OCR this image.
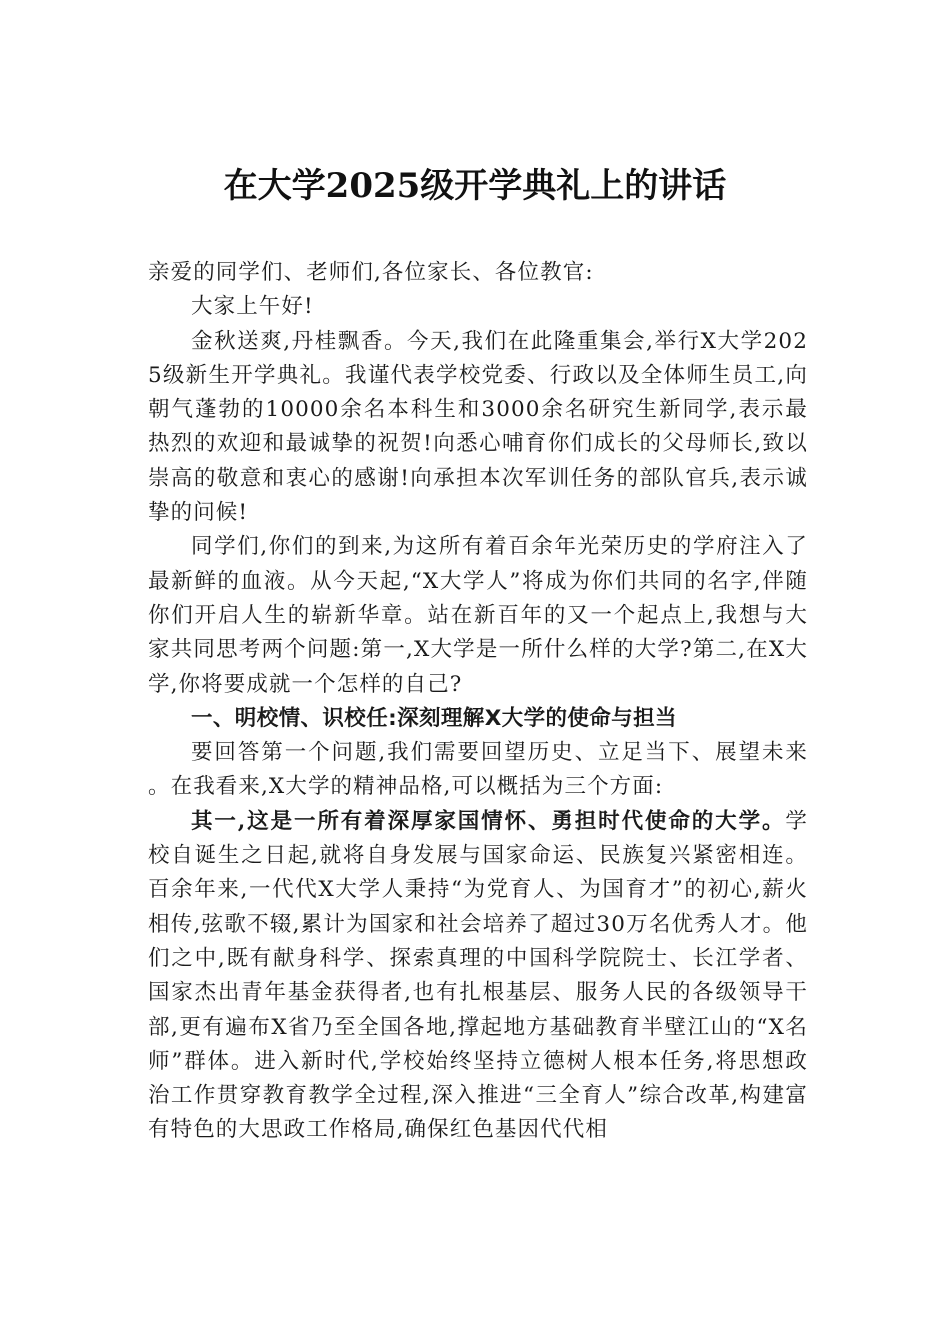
在大学2025级开学典礼上的讲话

亲爱的同学们、老师们,各位家长、各位教官:

大家上午好!

金秋送爽,丹桂飘香。今天,我们在此隆重集会,举行X大学2025级新生开学典礼。我谨代表学校党委、行政以及全体师生员工,向朝气蓬勃的10000余名本科生和3000余名研究生新同学,表示最热烈的欢迎和最诚挚的祝贺!向悉心哺育你们成长的父母师长,致以崇高的敬意和衷心的感谢!向承担本次军训任务的部队官兵,表示诚挚的问候!

同学们,你们的到来,为这所有着百余年光荣历史的学府注入了最新鲜的血液。从今天起,“X大学人”将成为你们共同的名字,伴随你们开启人生的崭新华章。站在新百年的又一个起点上,我想与大家共同思考两个问题:第一,X大学是一所什么样的大学?第二,在X大学,你将要成就一个怎样的自己?

一、明校情、识校任:深刻理解X大学的使命与担当

要回答第一个问题,我们需要回望历史、立足当下、展望未来。在我看来,X大学的精神品格,可以概括为三个方面:

其一,这是一所有着深厚家国情怀、勇担时代使命的大学。学校自诞生之日起,就将自身发展与国家命运、民族复兴紧密相连。百余年来,一代代X大学人秉持“为党育人、为国育才”的初心,薪火相传,弦歌不辍,累计为国家和社会培养了超过30万名优秀人才。他们之中,既有献身科学、探索真理的中国科学院院士、长江学者、国家杰出青年基金获得者,也有扎根基层、服务人民的各级领导干部,更有遍布X省乃至全国各地,撑起地方基础教育半壁江山的“X名师”群体。进入新时代,学校始终坚持立德树人根本任务,将思想政治工作贯穿教育教学全过程,深入推进“三全育人”综合改革,构建富有特色的大思政工作格局,确保红色基因代代相
